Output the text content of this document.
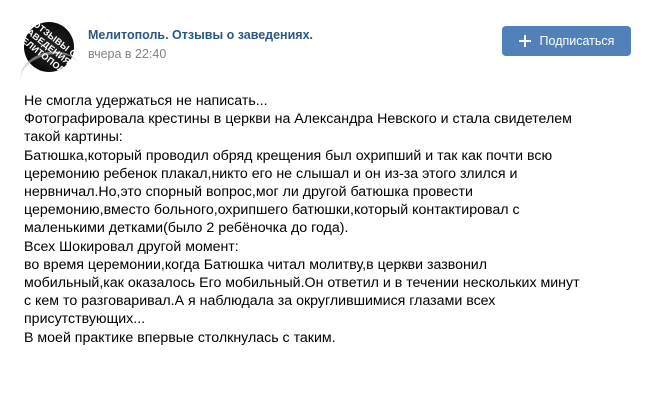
ОТЗЫВЫ О
ЗАВЕДЕНИЯХ
МЕЛИТОПОЛЬ	Мелитополь. Отзывы о заведениях.
вчера в 22:40
Подписаться
Не смогла удержаться не написать...
Фотографировала крестины в церкви на Александра Невского и стала свидетелем
такой картины:
Батюшка,который проводил обряд крещения был охрипший и так как почти всю
церемонию ребенок плакал,никто его не слышал и он из-за этого злился и
нервничал.Но,это спорный вопрос,мог ли другой батюшка провести
церемонию,вместо больного,охрипшего батюшки,который контактировал с
маленькими детками(было 2 ребёночка до года).
Всех Шокировал другой момент:
во время церемонии,когда Батюшка читал молитву,в церкви зазвонил
мобильный,как оказалось Его мобильный.Он ответил и в течении нескольких минут
с кем то разговаривал.А я наблюдала за округлившимися глазами всех
присутствующих...
В моей практике впервые столкнулась с таким.
